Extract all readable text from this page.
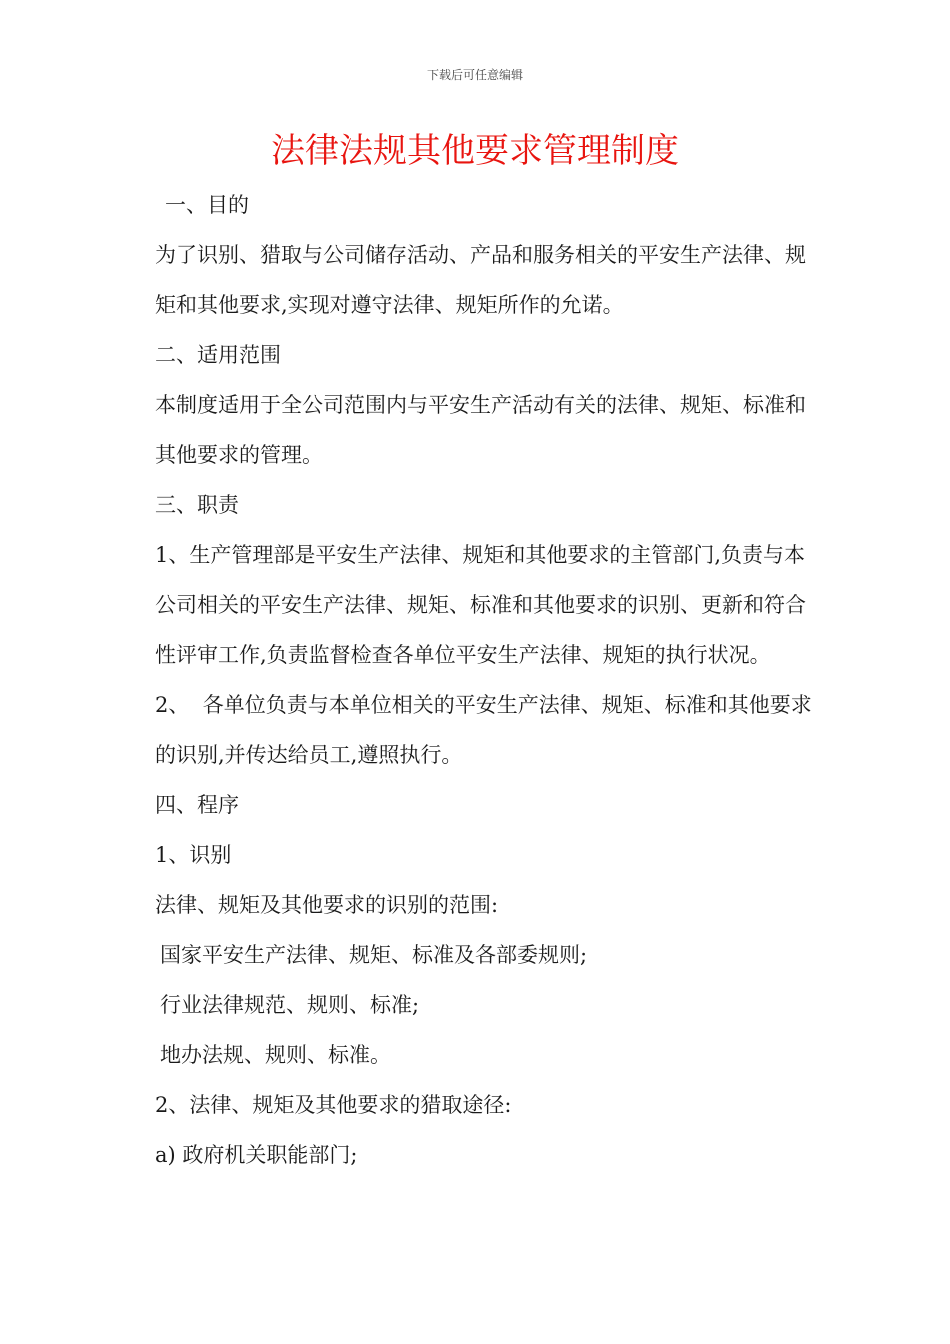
下载后可任意编辑
法律法规其他要求管理制度

一、目的

为了识别、猎取与公司储存活动、产品和服务相关的平安生产法律、规矩和其他要求,实现对遵守法律、规矩所作的允诺。

二、适用范围

本制度适用于全公司范围内与平安生产活动有关的法律、规矩、标准和其他要求的管理。

三、职责

1、生产管理部是平安生产法律、规矩和其他要求的主管部门,负责与本公司相关的平安生产法律、规矩、标准和其他要求的识别、更新和符合性评审工作,负责监督检查各单位平安生产法律、规矩的执行状况。

2、  各单位负责与本单位相关的平安生产法律、规矩、标准和其他要求的识别,并传达给员工,遵照执行。

四、程序

1、识别

法律、规矩及其他要求的识别的范围:

国家平安生产法律、规矩、标准及各部委规则;

行业法律规范、规则、标准;

地办法规、规则、标准。

2、法律、规矩及其他要求的猎取途径:

a) 政府机关职能部门;
